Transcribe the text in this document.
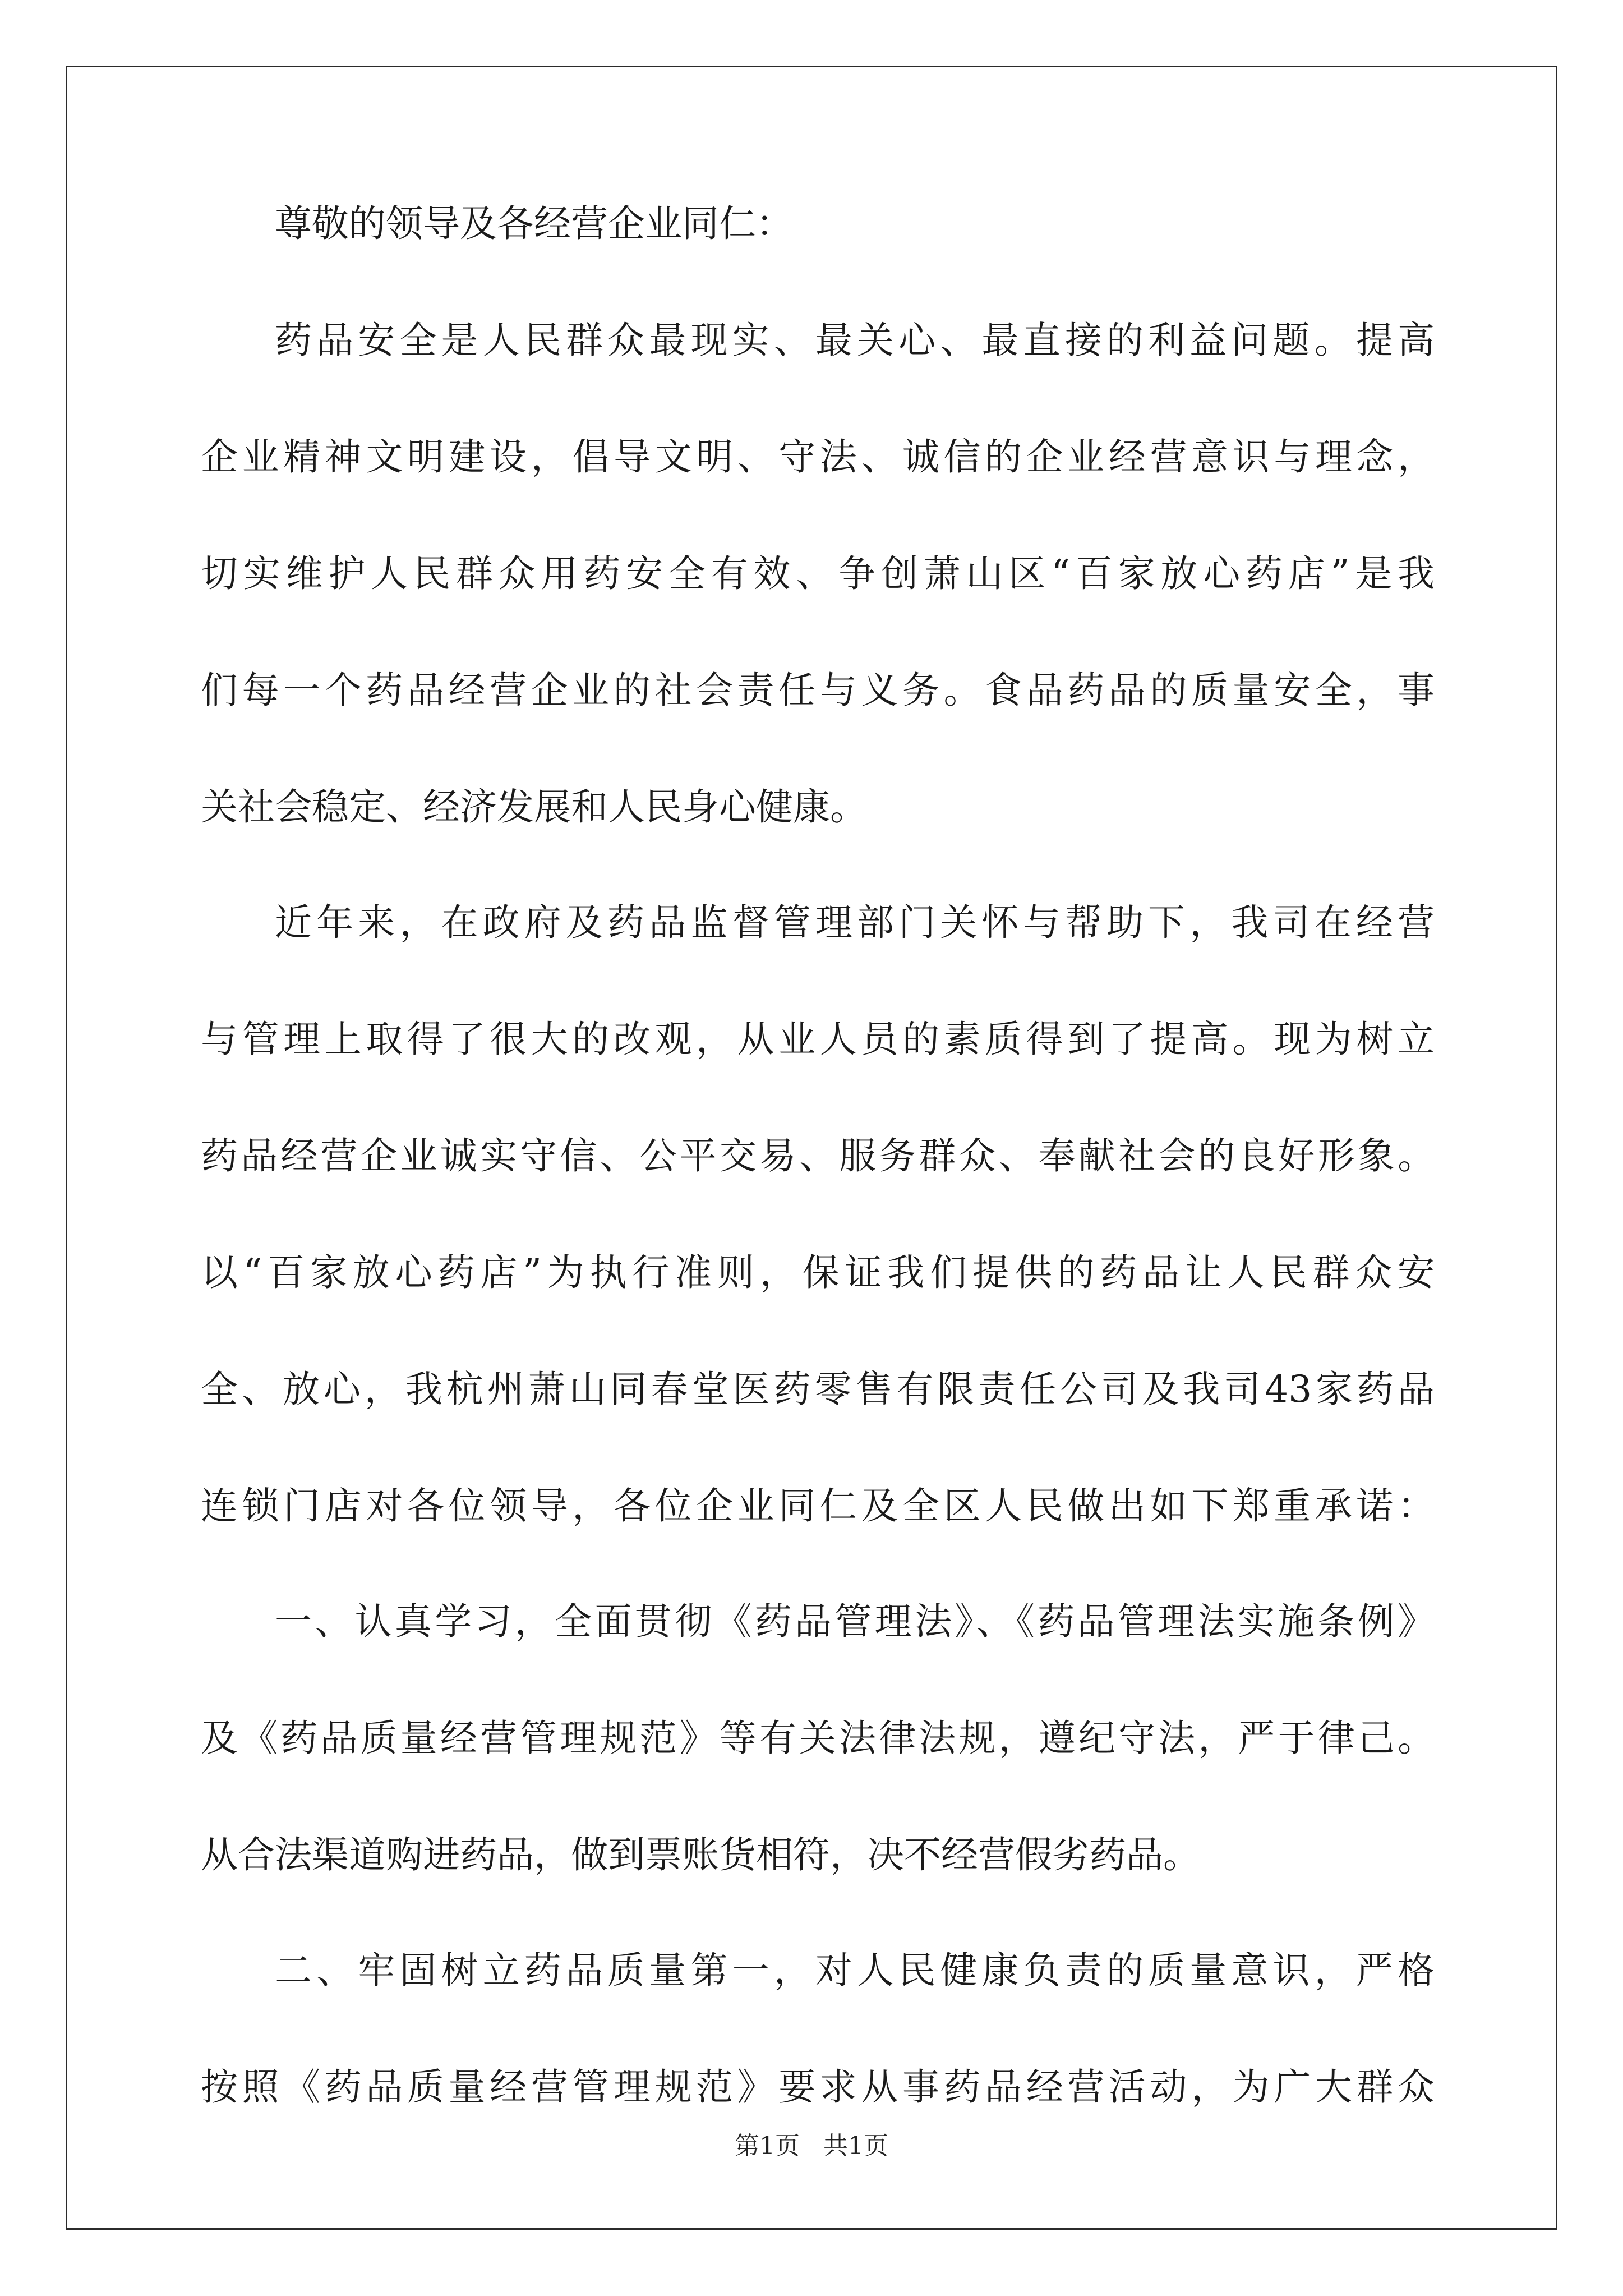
尊敬的领导及各经营企业同仁：

药品安全是人民群众最现实、最关心、最直接的利益问题。提高

企业精神文明建设，倡导文明、守法、诚信的企业经营意识与理念，

切实维护人民群众用药安全有效、争创萧山区“百家放心药店”是我

们每一个药品经营企业的社会责任与义务。食品药品的质量安全，事

关社会稳定、经济发展和人民身心健康。

近年来，在政府及药品监督管理部门关怀与帮助下，我司在经营

与管理上取得了很大的改观，从业人员的素质得到了提高。现为树立

药品经营企业诚实守信、公平交易、服务群众、奉献社会的良好形象。

以“百家放心药店”为执行准则，保证我们提供的药品让人民群众安

全、放心，我杭州萧山同春堂医药零售有限责任公司及我司43家药品

连锁门店对各位领导，各位企业同仁及全区人民做出如下郑重承诺：

一、认真学习，全面贯彻《药品管理法》、《药品管理法实施条例》

及《药品质量经营管理规范》等有关法律法规，遵纪守法，严于律己。

从合法渠道购进药品，做到票账货相符，决不经营假劣药品。

二、牢固树立药品质量第一，对人民健康负责的质量意识，严格

按照《药品质量经营管理规范》要求从事药品经营活动，为广大群众

第1页 共1页
